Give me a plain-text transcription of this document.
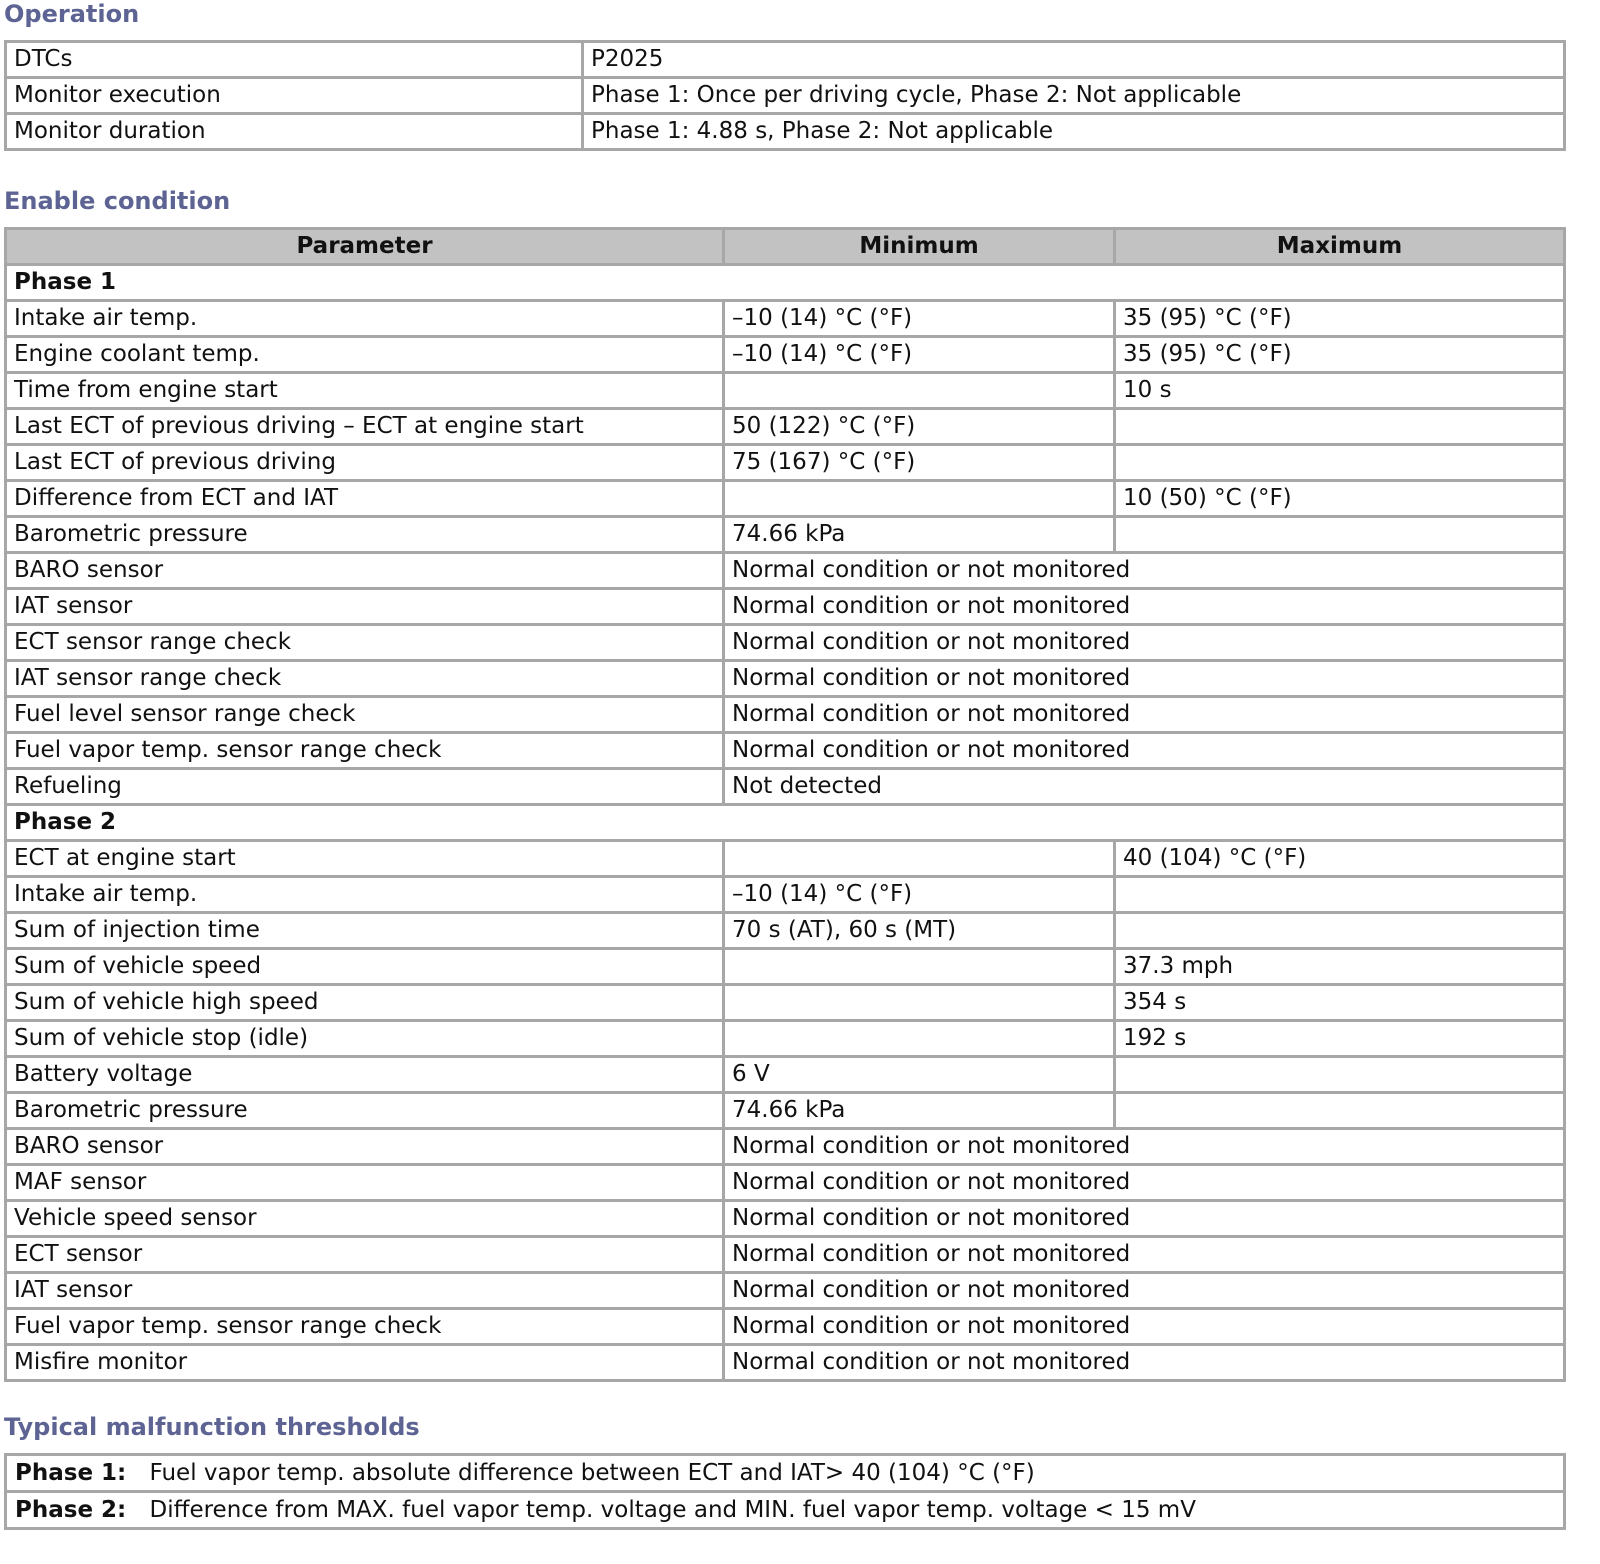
Operation
DTCs	P2025
Monitor execution	Phase 1: Once per driving cycle, Phase 2: Not applicable
Monitor duration	Phase 1: 4.88 s, Phase 2: Not applicable
Enable condition
Parameter	Minimum	Maximum
Phase 1		
Intake air temp.	–10 (14) °C (°F)	35 (95) °C (°F)
Engine coolant temp.	–10 (14) °C (°F)	35 (95) °C (°F)
Time from engine start		10 s
Last ECT of previous driving – ECT at engine start	50 (122) °C (°F)	
Last ECT of previous driving	75 (167) °C (°F)	
Difference from ECT and IAT		10 (50) °C (°F)
Barometric pressure	74.66 kPa	
BARO sensor	Normal condition or not monitored	
IAT sensor	Normal condition or not monitored	
ECT sensor range check	Normal condition or not monitored	
IAT sensor range check	Normal condition or not monitored	
Fuel level sensor range check	Normal condition or not monitored	
Fuel vapor temp. sensor range check	Normal condition or not monitored	
Refueling	Not detected	
Phase 2		
ECT at engine start		40 (104) °C (°F)
Intake air temp.	–10 (14) °C (°F)	
Sum of injection time	70 s (AT), 60 s (MT)	
Sum of vehicle speed		37.3 mph
Sum of vehicle high speed		354 s
Sum of vehicle stop (idle)		192 s
Battery voltage	6 V	
Barometric pressure	74.66 kPa	
BARO sensor	Normal condition or not monitored	
MAF sensor	Normal condition or not monitored	
Vehicle speed sensor	Normal condition or not monitored	
ECT sensor	Normal condition or not monitored	
IAT sensor	Normal condition or not monitored	
Fuel vapor temp. sensor range check	Normal condition or not monitored	
Misfire monitor	Normal condition or not monitored	
Typical malfunction thresholds
Phase 1:	Fuel vapor temp. absolute difference between ECT and IAT> 40 (104) °C (°F)
Phase 2:	Difference from MAX. fuel vapor temp. voltage and MIN. fuel vapor temp. voltage < 15 mV
